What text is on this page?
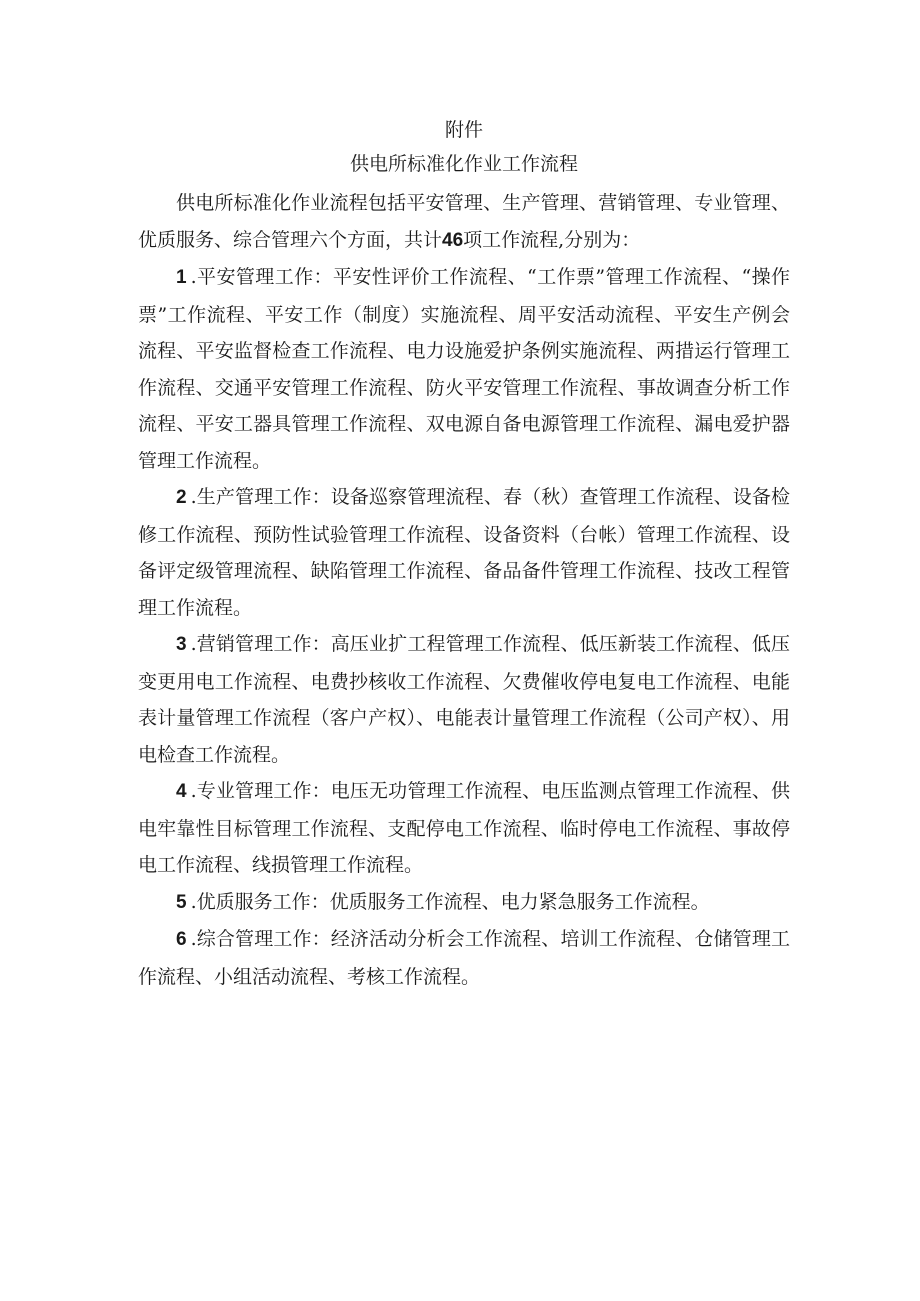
附件
供电所标准化作业工作流程

供电所标准化作业流程包括平安管理、生产管理、营销管理、专业管理、优质服务、综合管理六个方面，共计46项工作流程,分别为：

1 .平安管理工作：平安性评价工作流程、“工作票”管理工作流程、“操作票”工作流程、平安工作（制度）实施流程、周平安活动流程、平安生产例会流程、平安监督检查工作流程、电力设施爱护条例实施流程、两措运行管理工作流程、交通平安管理工作流程、防火平安管理工作流程、事故调查分析工作流程、平安工器具管理工作流程、双电源自备电源管理工作流程、漏电爱护器管理工作流程。

2 .生产管理工作：设备巡察管理流程、春（秋）查管理工作流程、设备检修工作流程、预防性试验管理工作流程、设备资料（台帐）管理工作流程、设备评定级管理流程、缺陷管理工作流程、备品备件管理工作流程、技改工程管理工作流程。

3 .营销管理工作：高压业扩工程管理工作流程、低压新装工作流程、低压变更用电工作流程、电费抄核收工作流程、欠费催收停电复电工作流程、电能表计量管理工作流程（客户产权）、电能表计量管理工作流程（公司产权）、用电检查工作流程。

4 .专业管理工作：电压无功管理工作流程、电压监测点管理工作流程、供电牢靠性目标管理工作流程、支配停电工作流程、临时停电工作流程、事故停电工作流程、线损管理工作流程。

5 .优质服务工作：优质服务工作流程、电力紧急服务工作流程。

6 .综合管理工作：经济活动分析会工作流程、培训工作流程、仓储管理工作流程、小组活动流程、考核工作流程。
